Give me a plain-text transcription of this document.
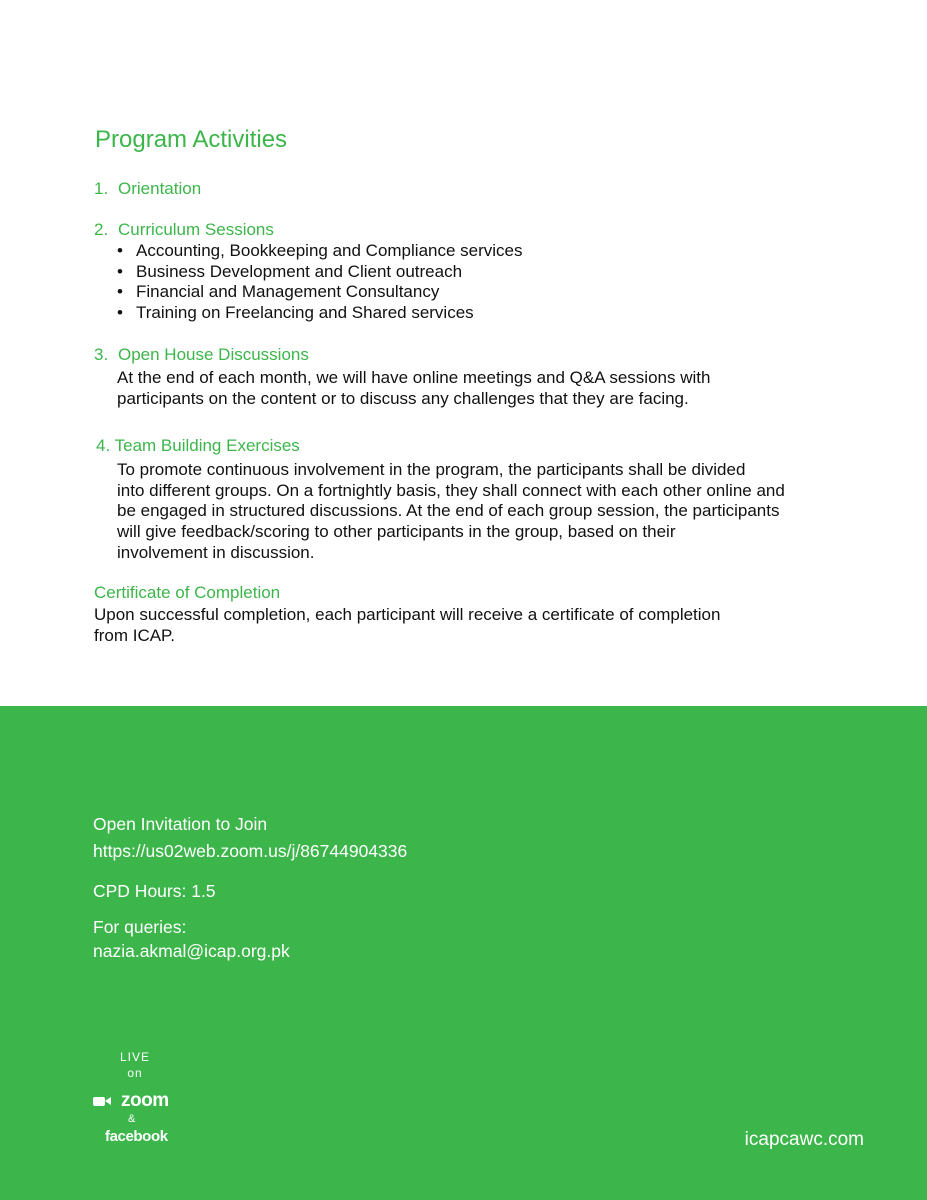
Program Activities
1. Orientation
2. Curriculum Sessions
• Accounting, Bookkeeping and Compliance services
• Business Development and Client outreach
• Financial and Management Consultancy
• Training on Freelancing and Shared services
3. Open House Discussions
At the end of each month, we will have online meetings and Q&A sessions with
participants on the content or to discuss any challenges that they are facing.
4. Team Building Exercises
To promote continuous involvement in the program, the participants shall be divided
into different groups. On a fortnightly basis, they shall connect with each other online and
be engaged in structured discussions. At the end of each group session, the participants
will give feedback/scoring to other participants in the group, based on their
involvement in discussion.
Certificate of Completion
Upon successful completion, each participant will receive a certificate of completion
from ICAP.
Open Invitation to Join
https://us02web.zoom.us/j/86744904336
CPD Hours: 1.5
For queries:
nazia.akmal@icap.org.pk
LIVE
on
zoom
&
facebook	icapcawc.com
